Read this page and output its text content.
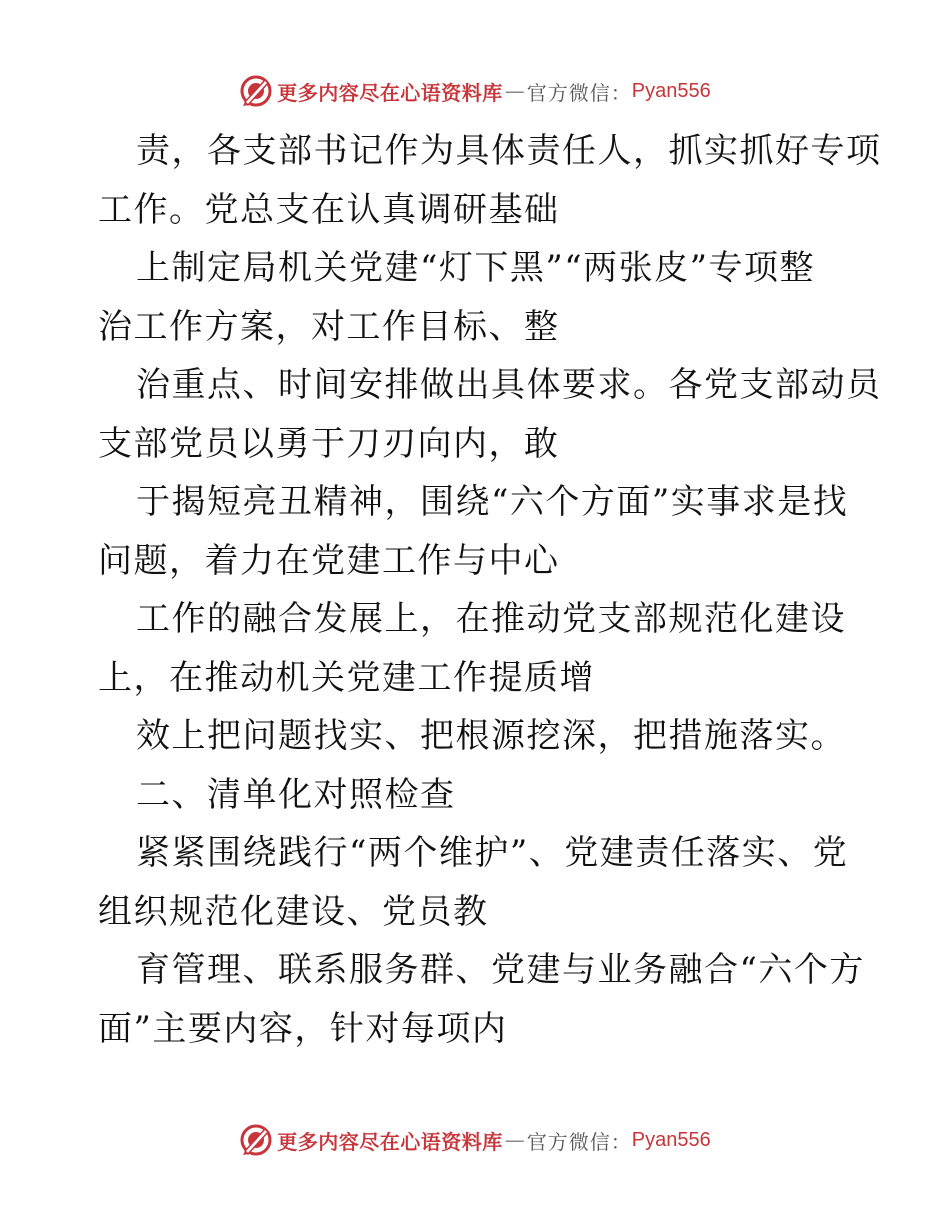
更多内容尽在心语资料库 — 官方微信： Pyan556
责，各支部书记作为具体责任人，抓实抓好专项
工作。党总支在认真调研基础
上制定局机关党建“灯下黑”“两张皮”专项整
治工作方案，对工作目标、整
治重点、时间安排做出具体要求。各党支部动员
支部党员以勇于刀刃向内，敢
于揭短亮丑精神，围绕“六个方面”实事求是找
问题，着力在党建工作与中心
工作的融合发展上，在推动党支部规范化建设
上，在推动机关党建工作提质增
效上把问题找实、把根源挖深，把措施落实。
二、清单化对照检查
紧紧围绕践行“两个维护”、党建责任落实、党
组织规范化建设、党员教
育管理、联系服务群、党建与业务融合“六个方
面”主要内容，针对每项内
更多内容尽在心语资料库 — 官方微信： Pyan556
